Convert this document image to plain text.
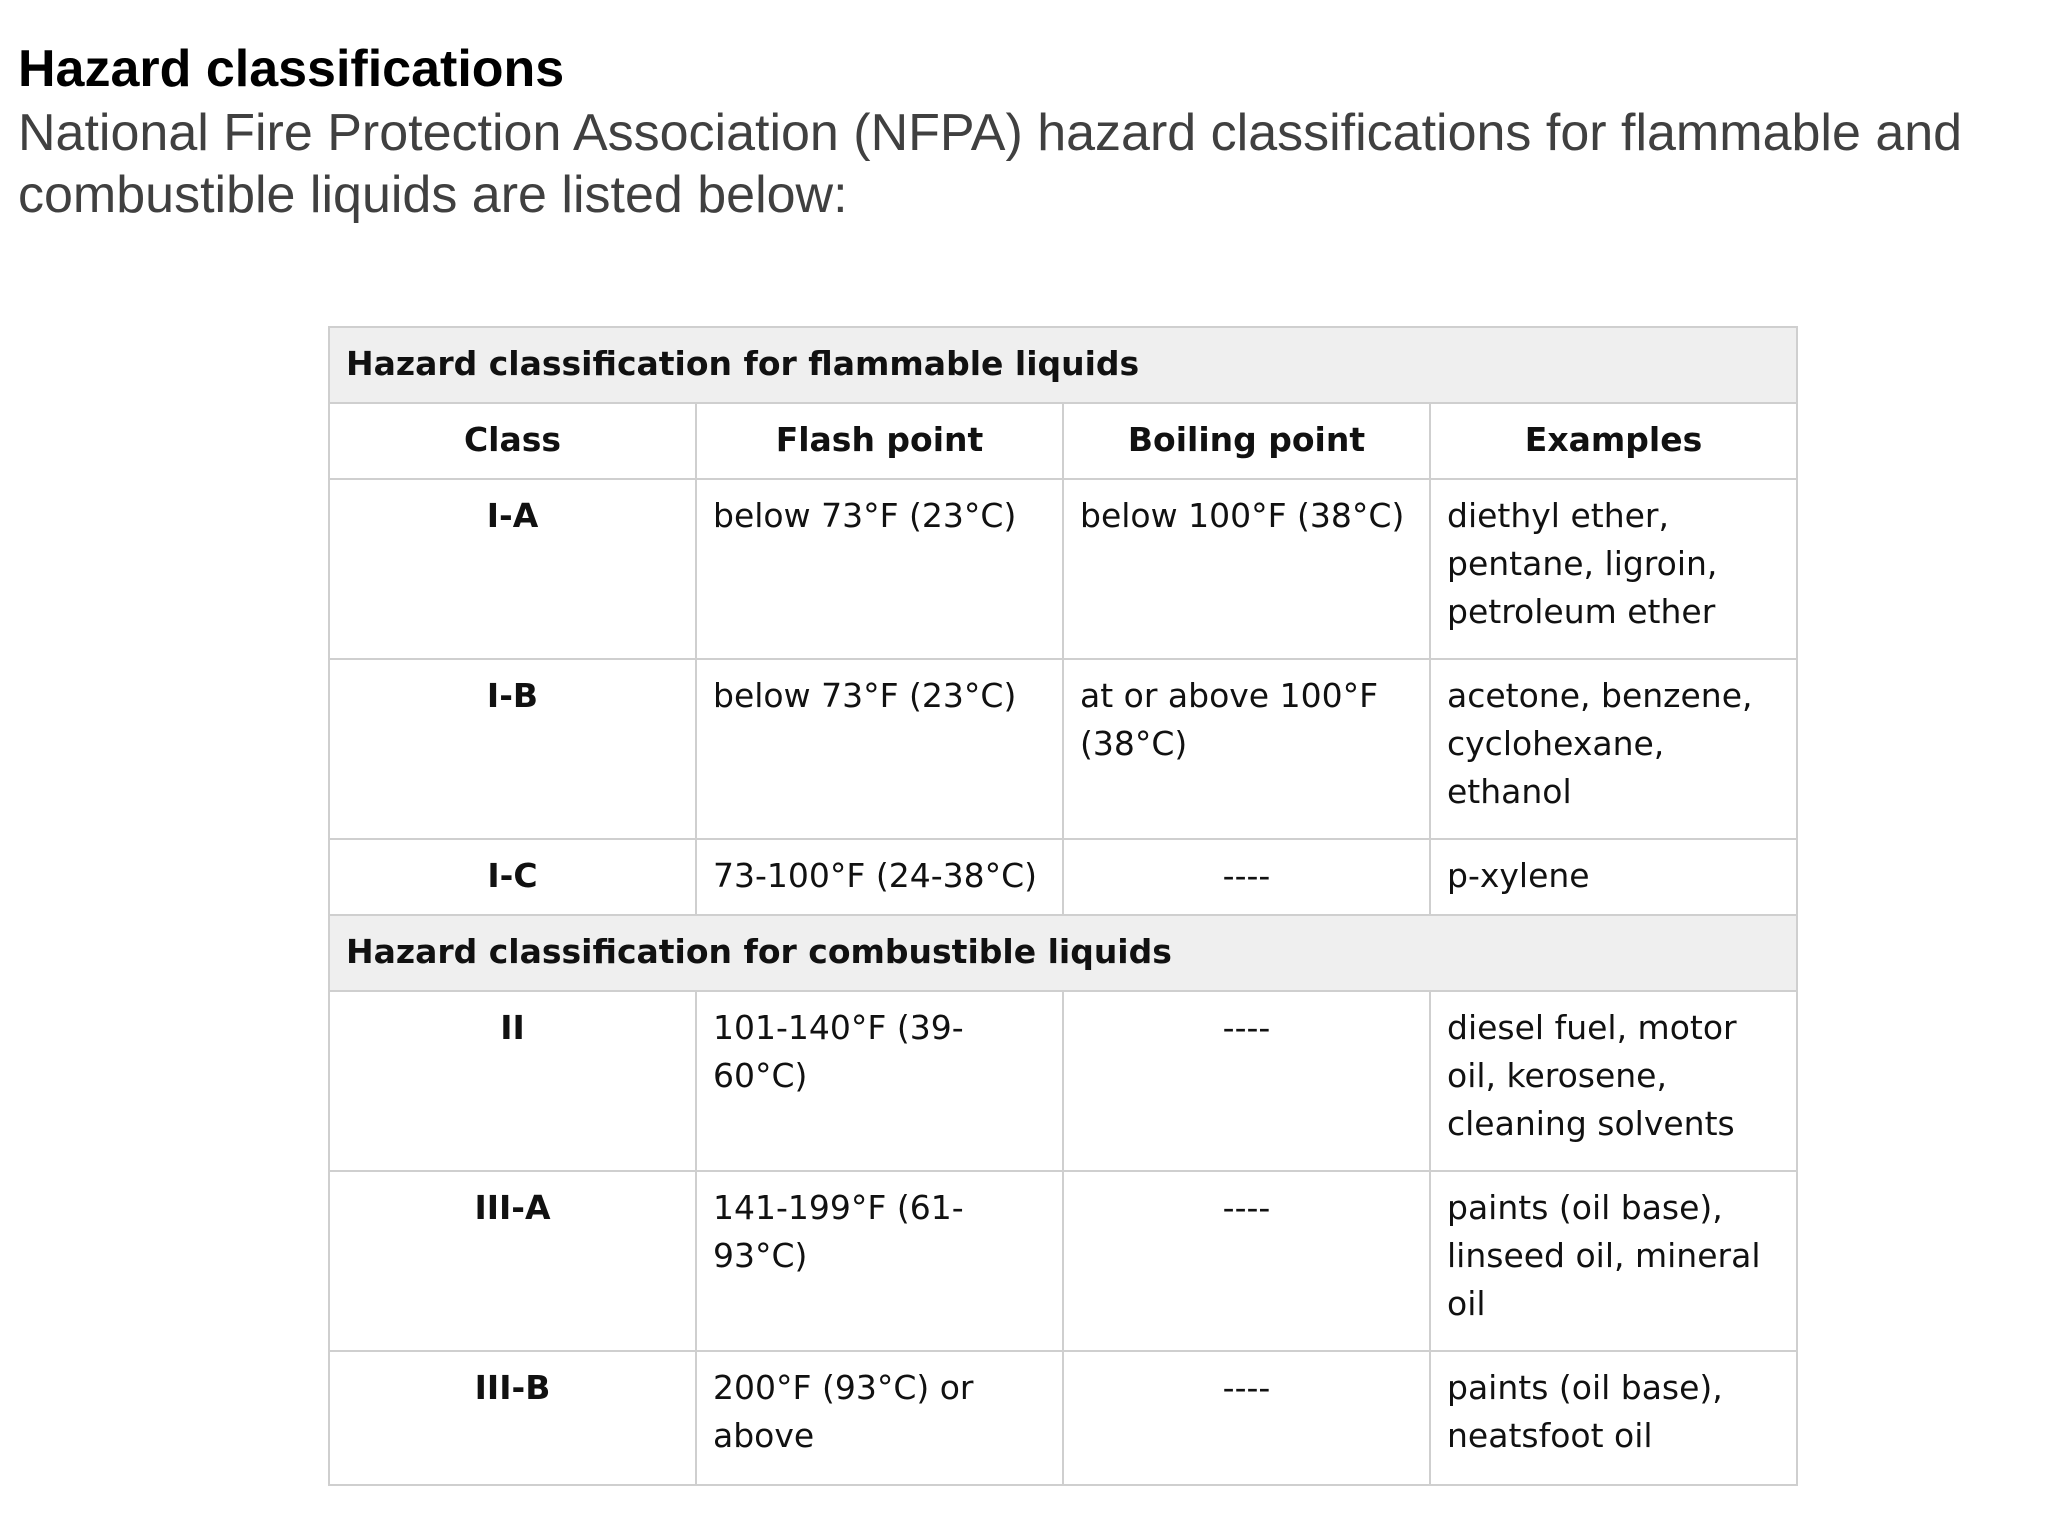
Hazard classifications

National Fire Protection Association (NFPA) hazard classifications for flammable and combustible liquids are listed below:

Hazard classification for flammable liquids			
Class	Flash point	Boiling point	Examples
I-A	below 73°F (23°C)	below 100°F (38°C)	diethyl ether, pentane, ligroin, petroleum ether
I-B	below 73°F (23°C)	at or above 100°F (38°C)	acetone, benzene, cyclohexane, ethanol
I-C	73-100°F (24-38°C)	----	p-xylene
Hazard classification for combustible liquids			
II	101-140°F (39-60°C)	----	diesel fuel, motor oil, kerosene, cleaning solvents
III-A	141-199°F (61-93°C)	----	paints (oil base), linseed oil, mineral oil
III-B	200°F (93°C) or above	----	paints (oil base), neatsfoot oil
